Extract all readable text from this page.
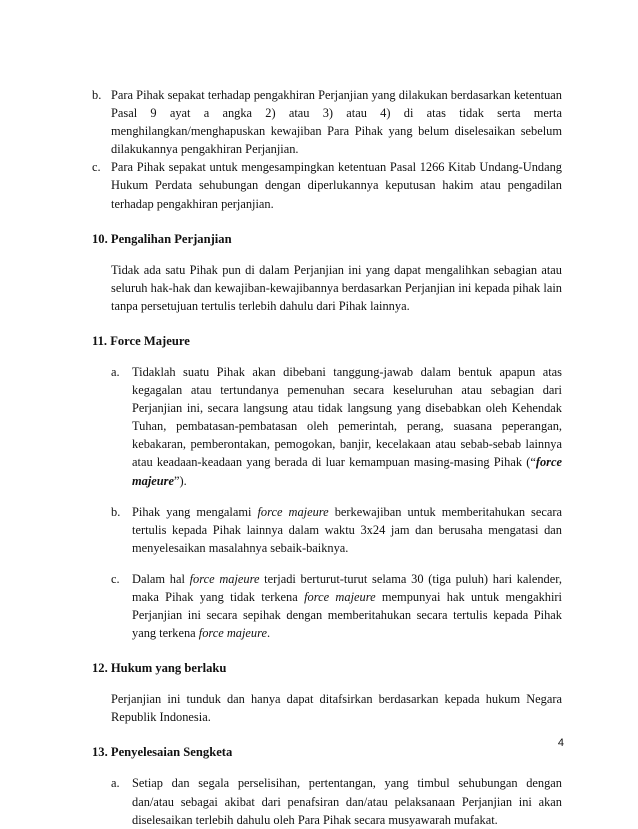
b. Para Pihak sepakat terhadap pengakhiran Perjanjian yang dilakukan berdasarkan ketentuan Pasal 9 ayat a angka 2) atau 3) atau 4) di atas tidak serta merta menghilangkan/menghapuskan kewajiban Para Pihak yang belum diselesaikan sebelum dilakukannya pengakhiran Perjanjian.
c. Para Pihak sepakat untuk mengesampingkan ketentuan Pasal 1266 Kitab Undang-Undang Hukum Perdata sehubungan dengan diperlukannya keputusan hakim atau pengadilan terhadap pengakhiran perjanjian.
10. Pengalihan Perjanjian
Tidak ada satu Pihak pun di dalam Perjanjian ini yang dapat mengalihkan sebagian atau seluruh hak-hak dan kewajiban-kewajibannya berdasarkan Perjanjian ini kepada pihak lain tanpa persetujuan tertulis terlebih dahulu dari Pihak lainnya.
11. Force Majeure
a. Tidaklah suatu Pihak akan dibebani tanggung-jawab dalam bentuk apapun atas kegagalan atau tertundanya pemenuhan secara keseluruhan atau sebagian dari Perjanjian ini, secara langsung atau tidak langsung yang disebabkan oleh Kehendak Tuhan, pembatasan-pembatasan oleh pemerintah, perang, suasana peperangan, kebakaran, pemberontakan, pemogokan, banjir, kecelakaan atau sebab-sebab lainnya atau keadaan-keadaan yang berada di luar kemampuan masing-masing Pihak (“force majeure”).
b. Pihak yang mengalami force majeure berkewajiban untuk memberitahukan secara tertulis kepada Pihak lainnya dalam waktu 3x24 jam dan berusaha mengatasi dan menyelesaikan masalahnya sebaik-baiknya.
c. Dalam hal force majeure terjadi berturut-turut selama 30 (tiga puluh) hari kalender, maka Pihak yang tidak terkena force majeure mempunyai hak untuk mengakhiri Perjanjian ini secara sepihak dengan memberitahukan secara tertulis kepada Pihak yang terkena force majeure.
12. Hukum yang berlaku
Perjanjian ini tunduk dan hanya dapat ditafsirkan berdasarkan kepada hukum Negara Republik Indonesia.
13. Penyelesaian Sengketa
a. Setiap dan segala perselisihan, pertentangan, yang timbul sehubungan dengan dan/atau sebagai akibat dari penafsiran dan/atau pelaksanaan Perjanjian ini akan diselesaikan terlebih dahulu oleh Para Pihak secara musyawarah mufakat.
4
